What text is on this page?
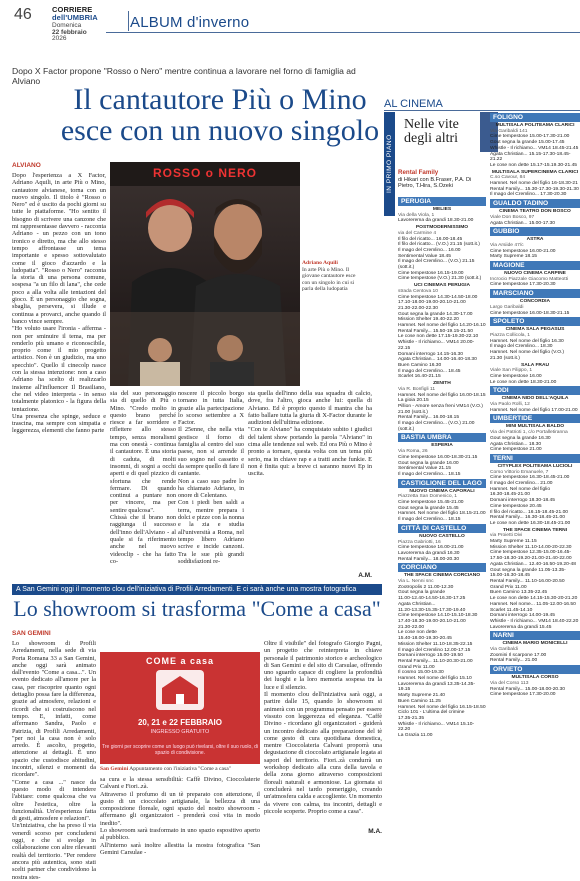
46	CORRIERE dell'UMBRIA
Domenica
22 febbraio
2026
ALBUM d'inverno
Dopo X Factor propone "Rosso o Nero" mentre continua a lavorare nel forno di famiglia ad Alviano
Il cantautore Più o Mino esce con un nuovo singolo
ALVIANO
Dopo l'esperienza a X Factor, Adriano Aquili, in arte Più o Mino, cantautore alvianese, torna con un nuovo singolo. Il titolo è "Rosso o Nero" ed è uscito da pochi giorni su tutte le piattaforme. "Ho sentito il bisogno di scrivere una canzone che mi rappresentasse davvero - racconta Adriano - un pezzo con un tono ironico e diretto, ma che allo stesso tempo affrontasse un tema importante e spesso sottovalutato come il gioco d'azzardo e la ludopatia". "Rosso o Nero" racconta la storia di una persona comune, sospesa "a un filo di lana", che cede poco a alla volta alle tentazioni del gioco. È un personaggio che sogna, sbaglia, persevera, si illude e continua a provarci, anche quando il banco vince sempre.
"Ho voluto usare l'ironia - afferma - non per sminuire il tema, ma per renderlo più umano e riconoscibile, proprio come il mio progetto artistico. Non è un giudizio, ma uno specchio". Quello il cinecolp nasce con la stessa intenzione: non a caso Adriano ha scelto di realizzarlo insieme all'influencer Il Brasiliano, che nel video interpreta - in senso totalmente platonico - la figura della tentazione.
Una presenza che spinge, seduce e trascina, ma sempre con simpatia e leggerezza, elementi che fanno parte
ROSSO o NERO
Adriano Aquili
In arte Più o Mino. Il giovane cantautore esce con un singolo in cui si parla della ludopatia
sia del suo personaggio sia di quello di Più o Mino. "Credo molto in questo brano perché riesce a far sorridere e riflettere allo stesso tempo, senza moralismi ma con onestà - continua il cantautore. È una storia di caduta, di molti insomni, di sogni a occhi aperti e di quel pizzico di sfortuna che rende fermare. Di quando continui a puntare non per vincere, ma per sentire qualcosa".
Chissà che il brano non raggiunga il successo dell'inno dell'Alviano - al quale si fa riferimento anche nel nuovo videoclip - che ha fatto co-
noscere il piccolo borgo tornano in tutta Italia, grazie alla partecipazione lo scorso settembre a X Factor.
Il 25enne, che nella vita gestisce il forno di famiglia al centro del suo paese, non si arrende il suo sogno nel cassetto e da sempre quello di fare il cantante.
Non a caso suo padre lo ha chiamato Adriano, in onore di Celentano.
Con i piedi ben saldi a terra, mentre prepara i dolci e pizze con la nonna e la zia e studia all'università a Roma, nel tempo libero Adriano scrive e incide canzoni. Tra le sue più grandi soddisfazioni re-
sta quella dell'inno della sua squadra di calcio, dove, fra l'altro, gioca anche lui: quella di Alviano. Ed è proprio questo il mantra che ha fatto ballare tutta la giuria di X-Factor durante le audizioni dell'ultima edizione.
"Con te Alviano" ha conquistato subito i giudici del talent show portando la parola "Alviano" in cima alle tendenze sul web. Ed ora Più o Mino è pronto a tornare, questa volta con un tema più serio, ma in chiave rap e a tratti anche funkie. E non è finita qui: a breve ci saranno nuovi Ep in uscita.
A.M.
A San Gemini oggi il momento clou dell'iniziativa di Profili Arredamenti. E ci sarà anche una mostra fotografica
Lo showroom si trasforma "Come a casa"
SAN GEMINI
Lo showroom di Profili Arredamenti, nella sede di via Porta Romana 33 a San Gemini, anche oggi sarà animato dall'evento "Come a casa...". Un evento dedicato all'amore per la casa, per riscoprire quanto ogni dettaglio possa fare la differenza, grazie ad atmosfere, relazioni e ricordi che si costruiscono nel tempo. E, infatti, come affermano Sandra, Paolo e Patrizia, di Profili Arredamenti, "per noi la casa non è solo arredo. È ascolto, progetto, attenzione ai dettagli. È uno spazio che custodisce abitudini, incontri, silenzi e momenti da ricordare".
"Come a casa ..." nasce da questo modo di intendere l'abitare: come qualcosa che va oltre l'estetica, oltre la funzionalità. Un'esperienza fatta di gesti, atmosfere e relazioni".
Un'iniziativa, che ha preso il via venerdì scorso per concludersi oggi, e che si svolge in collaborazione con altre rilevanti realtà del territorio. "Per rendere ancora più autentica, sono stati scelti partner che condividono la nostra stes-
COME a casa
20, 21 e 22 FEBBRAIO
INGRESSO GRATUITO
Tre giorni per scoprire come un luogo può rivelarsi, oltre il suo ruolo, di spazio di condivisione.
San Gemini Appuntamento con l'iniziativa "Come a casa"
sa cura e la stessa sensibilità: Caffè Divino, Cioccolaterie Calvani e Fiori..zà.
Attraverso il profumo di un tè preparato con attenzione, il gusto di un cioccolato artigianale, la bellezza di una composizione floreale, ogni spazio del nostro showroom - affermano gli organizzatori - prenderà così vita in modo inedito".
Lo showroom sarà trasformato in uno spazio espositivo aperto al pubblico.
All'interno sarà inoltre allestita la mostra fotografica "San Gemini Carsulae -
Oltre il visibile" del fotografo Giorgio Pagni, un progetto che reinterpreta in chiave personale il patrimonio storico e archeologico di San Gemini e del sito di Carsulae, offrendo uno sguardo capace di cogliere la profondità dei luoghi e la loro memoria sospesa tra la luce e il silenzio.
Il momento clou dell'iniziativa sarà oggi, a partire dalle 15, quando lo showroom si animerà con un programma pensato per essere vissuto con leggerezza ed eleganza. "Caffè Divino - ricordano gli organizzatori - guiderà un incontro dedicato alla preparazione del tè come gesto di cura quotidiana domestica, mentre Cioccolateria Calvani proporrà una degustazione di cioccolato artigianale legata ai sapori del territorio. Fiori..zà condurrà un workshop dedicato alla cura della tavola e della zona giorno attraverso composizioni floreali naturali e armoniose. La giornata si concluderà nel tardo pomeriggio, creando un'atmosfera calda e accogliente. Un momento da vivere con calma, tra incontri, dettagli e piccole scoperte. Proprio come a casa".
M.A.
AL CINEMA
IN PRIMO PIANO
Nelle vite degli altri
Rental Family
di Hikari con B.Fraser, P.A. Di Pietro, T.Hira, S.Ozeki
PERUGIA
MELIES
Via della Viola, 1
Lavorerema da grandi 18.30-21.00
POSTMODERNISSIMO
via del Carmine 4
Il filo del ricatto... 16.00-18.45
Il filo del ricatto... (V.O.) 21.15 (sott.it.)
Il mago del Cremlino... 16.00
Sentimental Value 18.45
Il mago del Cremlino... (V.O.) 21.15 (sott.it.)
Cime tempestose 16.15-19.00
Cime tempestose (V.O.) 21.30 (sott.it.)
UCI CINEMAS PERUGIA
strada Centova 10
Cime tempestose 14.30-14.50-18.00
17.10-18.00-19.00-20.10-21.00
21.30-22.00-22.30
Gout segna la grande 14.30-17.00
Mission Shelter 19.40-22.20
Hamnet. Nel nome del figlio 14.20-16.10
Rental Family... 15.50-19.15-21.50
Le cose non dette 17.15-19.30-22.10
Whistle - Il richiamo... VM14 20.00-22.15
Domani interrogo 14.15-16.30
Agata Christian... 14.00-16.40-18.30
Buen Camino 16.30
Il mago del Cremlino... 18.45
Scarlet 16.40-21.15
ZENITH
Via R. Bonfigli 11
Hamnet. Nel nome del figlio 16.00-18.15
La gioia 20.15
Pillion - Amore senza freni VM14 (V.O.)
21.00 (sott.it.)
Rental Family... 16.00-18.15
Il mago del Cremlino... (V.O.) 21.00 (sott.it.)
BASTIA UMBRA
ESPERIA
Via Roma, 26
Cime tempestose 16.00-18.30-21.15
Gout segna la grande 16.00
Sentimental Value 21.15
Il mago del Cremlino... 18.15
CASTIGLIONE DEL LAGO
NUOVO CINEMA CAPORALI
Piazzetta San Domenico, 1
Cime tempestose 15.45-21.00
Gout segna la grande 15.45
Hamnet. Nel nome del figlio 18.15-21.00
Il mago del Cremlino... 18.15
CITTÀ DI CASTELLO
NUOVO CASTELLO
Piazza Gabriotti, 16
Cime tempestose 16.00-21.00
Lavorerema da grandi 16.30
Rental Family... 18.00-20.30
CORCIANO
THE SPACE CINEMA CORCIANO
Via L. Nenni snc
Zootropolis 2 11.00-12.30
Gout segna la grande
11.00-12.40-14.50-16.30-17.25
Agata Christian...
11.20-13.30-15.35-17.30-19.40
Cime tempestose 14.10-15.10-18.30
17.40-18.30-19.00-20.10-21.00
21.30-22.00
Le cose non dette
15.40-18.00-19.30-20.45
Mission Shelter 11.10-18.35-22.15
Il mago del Cremlino 12.00-17.15
Domani interrogo 15.00-19.50
Rental Family... 11.10-20.30-21.00
Grand Prix 11.00
Il cosmo 15.00-19.30
Hamnet. Nel nome del figlio 15.10
Lavorerema da grandi 13.35-14.35-19.15
Marty Supreme 21.40
Buen Camino 11.25
Hamnet. Nel nome del figlio 16.15-18.50
Ciclo 101 - L'ultima del crimine
17.35-21.35
Whistle - Il richiamo... VM14 15.10-22.20
La Grazia 11.00
FOLIGNO
MULTISALA POLITEAMA CLARICI
Via Garibaldi 141
Cime tempestose 15.00-17.30-21.00
Gout segna la grande 15.00-17.45
Whistle - Il richiamo... VM14 18.45-21.45
Agata Christian... 15.15-17.30-18.45-21.22
Le cose non dette 15.17-15.19.30-21.45
MULTISALA SUPERCINEMA CLARICI
C.so Cavour, 84
Hamnet. Nel nome del figlio 16-18.30-21
Rental Family... 15.30-17.30-19.30-21.30
Il mago del Cremlino... 17.30-20.30
GUALDO TADINO
CINEMA TEATRO DON BOSCO
Viale Don Bosco, 97
Agata Christian... 15.00-17.30
GUBBIO
ASTRA
Via Arsiide 47/c
Cime tempestose 16.00-21.00
Marty Supreme 18.15
MAGIONE
NUOVO CINEMA CARPINE
Incrocio Piazzale Giacomo Matteotti
Cime tempestose 17.30-20.30
MARSCIANO
CONCORDIA
Largo Garibaldi
Cime tempestose 16.00-18.30-21.15
SPOLETO
CINEMA SALA PEGASUS
Piazza Collicola, 1
Hamnet. Nel nome del figlio 16.30
Il mago del Cremlino... 18.30
Hamnet. Nel nome del figlio (V.O.)
21.30 (sott.it.)
SALA FRAU
Viale San Filippo, 1
Cime tempestose 16.00
Le cose non dette 18.30-21.00
TODI
CINEMA NIDO DELL'AQUILA
Via Paolo Rolli, 12
Hamnet. Nel nome del figlio 17.00-21.00
UMBERTIDE
MINI MULTISALA BALDO
Via dei Patrioti 1, c/o Portalletiranna
Gout segna la grande 16.30
Agata Christian... 18.30
Cime tempestose 21.00
TERNI
CITYPLEX POLITEAMA LUCIOLI
Corso Vittorio Emanuele, 7
Cime tempestose 16.30-18.45-21.00
Il mago del Cremlino... 21.00
Hamnet. Nel nome del figlio
16.30-18.45-21.00
Domani interrogo 18.30-18.45
Cime tempestose 20.45
Il filo del ricatto... 16.15-18.45-21.00
Rental Family... 16.30-18.45-21.00
Le cose non dette 16.30-18.45-21.00
THE SPACE CINEMA TERNI
via Proietti Divi
Marty Supreme 11.15
Mission Shelter 11.10-14.00-20-22.30
Cime tempestose 12.35-15.00-16.45-
17.50-18.30-19.20-21.00-21.40-22.00
Agata Christian... 12.40-16.50-19.20-48
Gout segna la grande 11.05-13.35-
15.00-16.30-18.45
Rental Family... 11.10-16.00-20.50
Grand Prix 11.00
Buen Camino 13.35-22.45
Le cose non dette 14.15-15.30-20-21.20
Hamnet. Nel nome... 11.05-12.00-16.50
Scarlet 11.45-14.10
Domani interrogo 14.00-19.45
Whistle - Il richiamo... VM14 18.40-22.20
Lavorerema da grandi 15.45
NARNI
CINEMA MARIO MONICELLI
Via Garibaldi
Zoomini Il scarpone 17.00
Rental Family... 21.00
ORVIETO
MULTISALA CORSO
Via del Corso 113
Rental Family... 15.00-18.00-20.30
Cime tempestose 17.30-20.00
